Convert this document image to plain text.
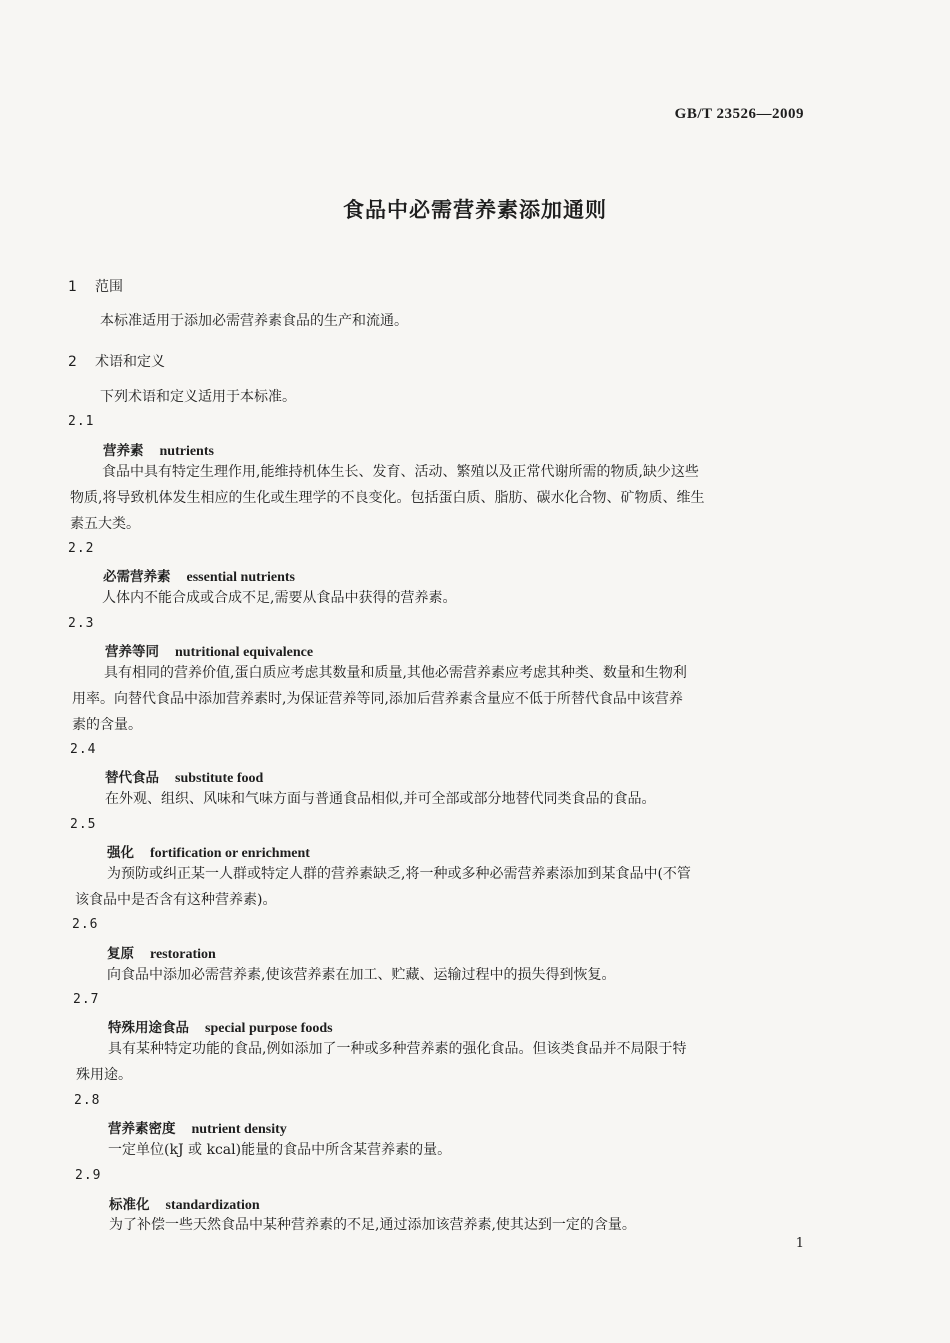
GB/T 23526—2009
食品中必需营养素添加通则
1 范围
本标准适用于添加必需营养素食品的生产和流通。
2 术语和定义
下列术语和定义适用于本标准。
2.1
营养素 nutrients
食品中具有特定生理作用,能维持机体生长、发育、活动、繁殖以及正常代谢所需的物质,缺少这些
物质,将导致机体发生相应的生化或生理学的不良变化。包括蛋白质、脂肪、碳水化合物、矿物质、维生
素五大类。
2.2
必需营养素 essential nutrients
人体内不能合成或合成不足,需要从食品中获得的营养素。
2.3
营养等同 nutritional equivalence
具有相同的营养价值,蛋白质应考虑其数量和质量,其他必需营养素应考虑其种类、数量和生物利
用率。向替代食品中添加营养素时,为保证营养等同,添加后营养素含量应不低于所替代食品中该营养
素的含量。
2.4
替代食品 substitute food
在外观、组织、风味和气味方面与普通食品相似,并可全部或部分地替代同类食品的食品。
2.5
强化 fortification or enrichment
为预防或纠正某一人群或特定人群的营养素缺乏,将一种或多种必需营养素添加到某食品中(不管
该食品中是否含有这种营养素)。
2.6
复原 restoration
向食品中添加必需营养素,使该营养素在加工、贮藏、运输过程中的损失得到恢复。
2.7
特殊用途食品 special purpose foods
具有某种特定功能的食品,例如添加了一种或多种营养素的强化食品。但该类食品并不局限于特
殊用途。
2.8
营养素密度 nutrient density
一定单位(kJ 或 kcal)能量的食品中所含某营养素的量。
2.9
标准化 standardization
为了补偿一些天然食品中某种营养素的不足,通过添加该营养素,使其达到一定的含量。
1
